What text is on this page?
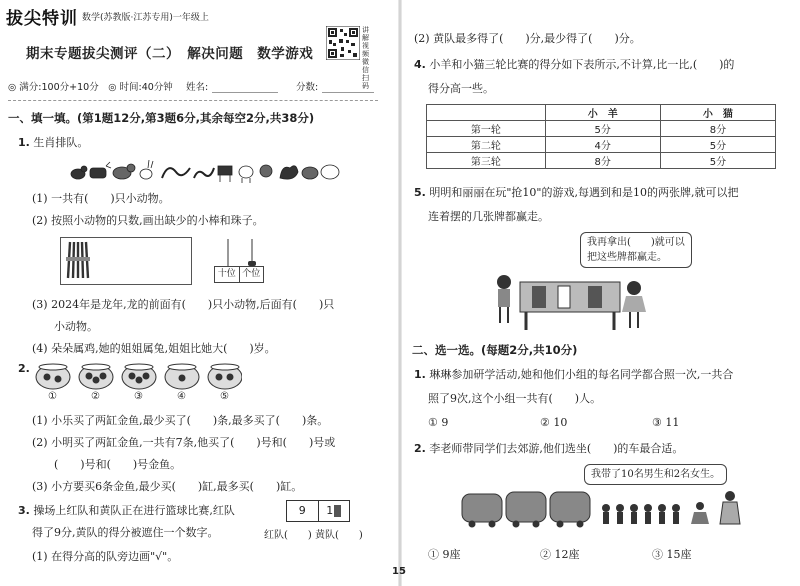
拔尖特训 数学(苏教版·江苏专用)一年级上
讲解视频
微信扫码
期末专题拔尖测评（二）　解决问题　数学游戏
◎ 满分:100分+10分　◎ 时间:40分钟 姓名:	分数:
一、填一填。(第1题12分,第3题6分,其余每空2分,共38分)
1. 生肖排队。
(1) 一共有(　　)只小动物。
(2) 按照小动物的只数,画出缺少的小棒和珠子。
十位 个位
(3) 2024年是龙年,龙的前面有(　　)只小动物,后面有(　　)只
小动物。
(4) 朵朵属鸡,她的姐姐属兔,姐姐比她大(　　)岁。
2.
①	②	③	④	⑤
(1) 小乐买了两缸金鱼,最少买了(　　)条,最多买了(　　)条。
(2) 小明买了两缸金鱼,一共有7条,他买了(　　)号和(　　)号或
(　　)号和(　　)号金鱼。
(3) 小方要买6条金鱼,最少买(　　)缸,最多买(　　)缸。
3. 操场上红队和黄队正在进行篮球比赛,红队
得了9分,黄队的得分被遮住一个数字。
9	1
红队(　　) 黄队(　　)
(1) 在得分高的队旁边画"√"。
(2) 黄队最多得了(　　)分,最少得了(　　)分。
4. 小羊和小猫三轮比赛的得分如下表所示,不计算,比一比,(　　)的
得分高一些。
	小　羊	小　猫
第一轮	5分	8分
第二轮	4分	5分
第三轮	8分	5分
5. 明明和丽丽在玩"抢10"的游戏,每遇到和是10的两张牌,就可以把
连着摆的几张牌都赢走。
我再拿出(　　)就可以
把这些牌都赢走。
二、选一选。(每题2分,共10分)
1. 琳琳参加研学活动,她和他们小组的每名同学都合照一次,一共合
照了9次,这个小组一共有(　　)人。
① 9	② 10	③ 11
2. 李老师带同学们去郊游,他们选坐(　　)的车最合适。
我带了10名男生和2名女生。
① 9座	② 12座	③ 15座
15
